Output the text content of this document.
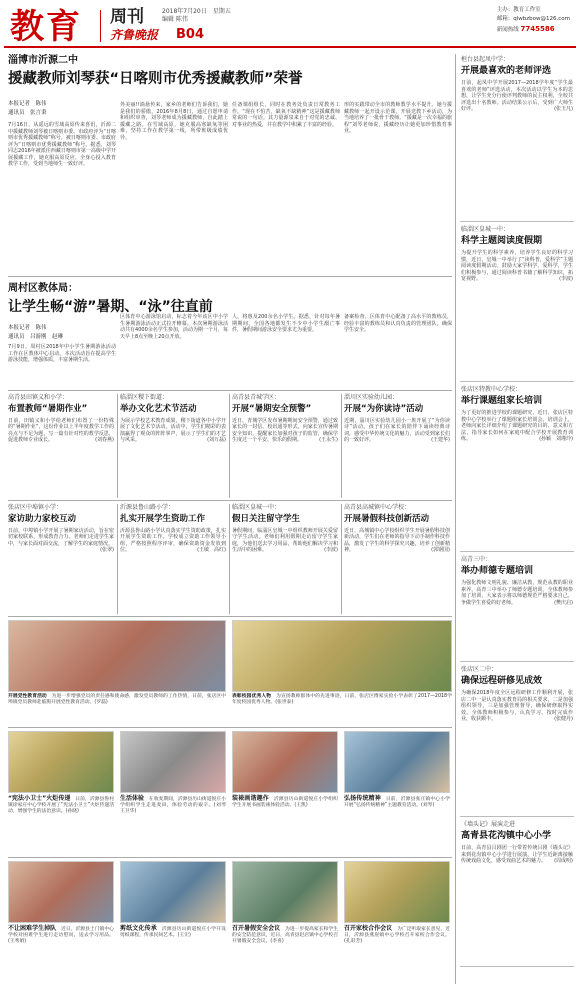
教育 周刊
齐鲁晚报
2018年7月20日　星期五
编辑 陈伟
B04
主办：教育工作室
邮箱：qlwbzbow@126.com
新闻热线 7745586
淄博市沂源二中
援藏教师刘琴获“日喀则市优秀援藏教师”荣誉
本报记者　陈伟
通讯员　张言秉
7月16日，从遥远的雪域高原传来喜讯，沂源二中援藏教师刘琴被日喀则市委、市政府评为“日喀则市优秀援藏教师”称号。被日喀则市委、市政府评为“日喀则市优秀援藏教师”称号。据悉，刘琴同志2016年被派往西藏日喀则市第一高级中学开展援藏工作，她克服高原反应，全身心投入教育教学工作，受到当地师生一致好评。
外美丽!!淌悬传来，家乡的老师们告诉我们，她是我们的骄傲，2016年8月8日，通过自愿申请和组织审查，刘琴老师成为援藏教师，自此踏上援藏之路。在雪域高原，她克服高寒缺氧等困难，坚持工作在教学第一线，所带班级成绩优异。
任备课组组长，同时在教务处负责日常教务工作。“现在不怕苦，缺氧不缺精神”这是援藏教师常说的一句话。其力量源泉来自于对党的忠诚、对事业的热爱，并在教学中积累了丰富的经验。
形的实践带动全市的教师教学水平提升。她与援藏教师一起开设示范课，开展送教下乡活动，为当地培养了一批骨干教师。“援藏是一次幸福的旅程”刘琴老师说，援藏经历让她更加珍惜教育事业。
桓台县起凤中学：
开展最喜欢的老师评选
日前，起凤中学开展2017—2018学年度“学生最喜欢的老师”评选活动，本次活动以学生为本的思想，让学生充分行使评判教师的民主权利，全校共评选出十名教师。活动结果公示后，受到广大师生好评。	(张玉凡)
临淄区皇城一中：
科学主题阅读度假期
为提升学生的科学素养，培养学生良好的科学习惯，近日，皇城一中举行了“读科普，爱科学”主题阅读度假期活动。鼓励大家学科学、爱科学，学生们积极参与，通过阅读科普书籍了解科学知识，拓宽视野。	(李波)
张店区特教中心学校：
举行课题组家长培训
为了更好的推进学校的课题研究，近日，张店区特教中心学校举行了课题组家长培训会。培训会上，老师向家长详细介绍了课题研究的目的、意义和方法，指导家长如何在家庭中配合学校开展教育训练。	(孙颖　刘瑾玲)
高青三中：
举办师德专题培训
为强化教师文明礼貌、廉洁从教，规范从教的职业素养，高青三中举办了师德专题培训。全体教师参加了培训，大家表示将以师德规范严格要求自己，争做学生喜爱的好老师。	(樊庆启)
张店区二中：
确保远程研修见成效
为确保2018年度全区远程研修工作顺利开展，张店二中一是认真落实教育局的相关要求，二是加强组织领导，三是加强管理督导，确保研修取得实效。全体教师积极参与，认真学习，按时完成作业，收获颇丰。	(张健丹)
《墙头记》展演走进
高青县花沟镇中心小学
日前，高青县吕剧团一行带着传统吕剧《墙头记》来到花沟镇中心小学进行展演，让学生近距离接触传统戏曲文化，感受戏曲艺术的魅力。 (周成明)
周村区教体局：
让学生畅“游”暑期、“泳”往直前
本报记者　陈伟
通讯员　吕游刚　赵琳
7月9日，周村区2018年中小学生暑期游泳活动工作在区教体中心启动。本次活动旨在提高学生游泳技能，增强体质，丰富暑期生活。
区体育中心游泳馆启动，标志着今年该区中小学生暑期游泳活动正式拉开帷幕。本次暑期游泳活动共有4000余名学生参加，活动为期一个月，每天早上8点至晚上20点开放。
人，将惠及200余名小学生。据悉，针对每年暑期期间，全国各地都发生不少中小学生溺亡事件，暑假期间游泳安全要求尤为重要。
备案检查，区体育中心配备了高水平的教练员，经验丰富的教练员和认真负责的管理团队，确保学生安全。
高青县田镇义和小学：
布置教师“暑期作业”
日前，田镇义和小学给老师们布置了一份特殊的“暑期作业”，这份作业以上半年度教学工作的亮点与不足为题，写一篇有针对性的教学反思，促进教师专业成长。	(刘春燕)
临淄区稷下街道：
举办文化艺术节活动
为展示学校艺术教育成果，稷下街道各中小学开展了文化艺术节活动。活动中，学生们精彩的表演赢得了观众的阵阵掌声，展示了学生们的才艺与风采。	(刘万磊)
高青县青城学区：
开展“暑期安全预警”
近日，青城学区发布暑期期间安全预警，通过致家长的一封信、校讯通等形式，向家长宣传暑期安全知识，提醒家长加强对孩子的监管，确保学生度过一个平安、快乐的假期。	(王永生)
淄川区实验幼儿园：
开展“为你读诗”活动
近期，淄川区实验幼儿园小一班开展了“为你读诗”活动。孩子们在家长的陪伴下诵读经典诗词，感受中华传统文化的魅力，活动受到家长们的一致好评。	(王建华)
张店区中埠镇小学：
家访助力家校互动
日前，中埠镇小学开展了暑期家访活动，旨在密切家校联系，形成教育合力。老师们走进学生家中，与家长面对面交流，了解学生的家庭情况。
(张翠)
沂源县鲁山路小学：
扎实开展学生资助工作
沂源县鲁山路小学认真落实学生资助政策，扎实开展学生资助工作。学校成立资助工作领导小组，严格按照程序评审，确保资助资金发放到位。	(王敏　高红)
临淄区皇城一中：
假日关注留守学生
暑假期间，临淄区皇城一中组织教师开展关爱留守学生活动。老师们利用假期走访留守学生家庭，为他们送去学习用品，帮助他们解决学习和生活中的困难。	(李波)
高青县高城镇中心学校：
开展暑假科技创新活动
近日，高城镇中心学校组织学生开展暑假科技创新活动，学生们在老师的指导下动手制作科技作品，激发了学生的科学探究兴趣，培养了创新精神。	(郭钢国)
开展党性教育活动　 为进一步增强党员的责任感和使命感，激发党员教师的工作热情，日前，张店区中埠镇党员教师赴临朐开展党性教育活动。(罗磊)
表彰校园优秀人物　 为宣扬教师群体中的先进事迹，日前，张店区傅家实验小学表彰了2017—2018学年度校园优秀人物。(张世泰)
“宪法小卫士”火炬传递　 日前，沂源县鲁村镇徐家庄中心学校开展了“宪法小卫士”火炬传递活动，增强学生的法治意识。(孙晓)
生活体验　 在收麦期间，沂源县历山街道悦庄小学组织学生走进麦田，体验劳动的艰辛。(刘琴　王卫华)
装裱画谐趣作　 沂源县历山街道悦庄小学组织学生开展书画装裱体验活动。(王凯)
弘扬传统精神　 日前，沂源县张庄镇中心小学开展“弘扬传统精神”主题教育活动。(刘琴)
不让困难学生掉队　 近日，沂源县土门镇中心学校对困难学生进行走访慰问，送去学习用品。(王秀娟)
剪纸文化传承　 沂源县历山街道悦庄小学开设剪纸课程，传承民间艺术。(王宏)
召开暑假安全会议　 为进一步提高家长和学生的安全防范意识，近日，高青县赵店镇中心学校召开暑假安全会议。(李喜)
召开家校合作会议　 为广泛听取家长意见，近日，沂源县燕崖镇中心学校召开家校合作会议。(孔彩芳)
